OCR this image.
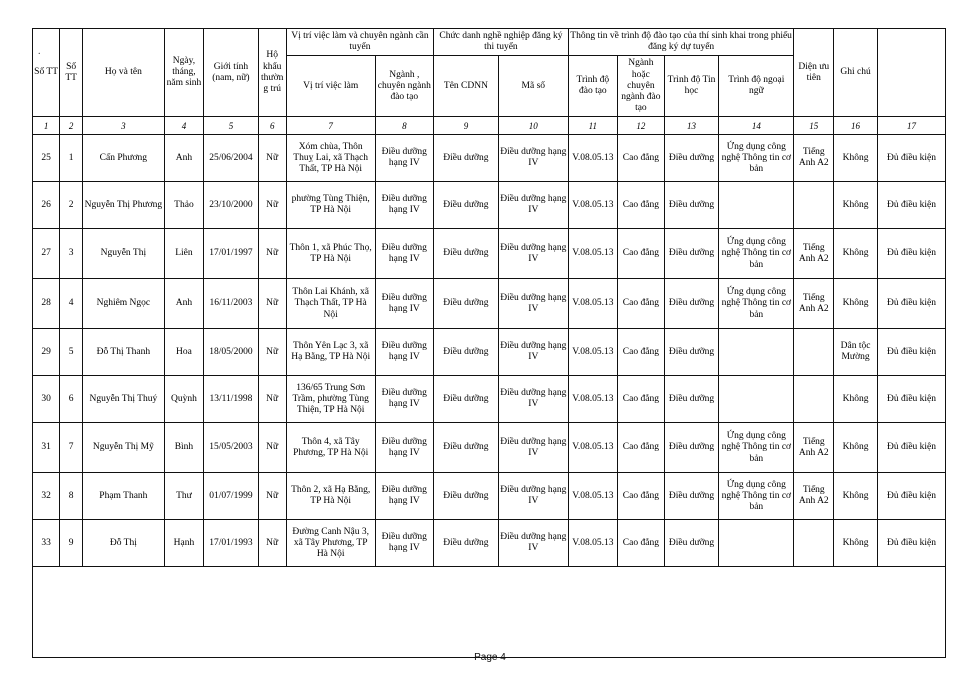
.
Số TT	Số TT	Họ và tên	Ngày, tháng, năm sinh	Giới tính (nam, nữ)	Hộ khẩu thường trú	Vị trí việc làm và chuyên ngành cần tuyển		Chức danh nghề nghiệp đăng ký thi tuyển		Thông tin về trình độ đào tạo của thí sinh khai trong phiếu đăng ký dự tuyển				Diện ưu tiên	Ghi chú	
						Vị trí việc làm	Ngành , chuyên ngành đào tạo	Tên CDNN	Mã số	Trình độ đào tạo	Ngành hoặc chuyên ngành đào tạo	Trình độ Tin học	Trình độ ngoại ngữ			

1	2	3	4	5	6	7	8	9	10	11	12	13	14	15	16	17
25	1	Cấn Phương	Anh	25/06/2004	Nữ	Xóm chùa, Thôn Thuỵ Lai, xã Thạch Thất, TP Hà Nội	Điều dưỡng hạng IV	Điều dưỡng	Điều dưỡng hạng IV	V.08.05.13	Cao đẳng	Điều dưỡng	Ứng dụng công nghệ Thông tin cơ bản	Tiếng Anh A2	Không	Đủ điều kiện
26	2	Nguyễn Thị Phương	Thảo	23/10/2000	Nữ	phường Tùng Thiện, TP Hà Nội	Điều dưỡng hạng IV	Điều dưỡng	Điều dưỡng hạng IV	V.08.05.13	Cao đẳng	Điều dưỡng			Không	Đủ điều kiện
27	3	Nguyễn Thị	Liên	17/01/1997	Nữ	Thôn 1, xã Phúc Thọ, TP Hà Nội	Điều dưỡng hạng IV	Điều dưỡng	Điều dưỡng hạng IV	V.08.05.13	Cao đẳng	Điều dưỡng	Ứng dụng công nghệ Thông tin cơ bản	Tiếng Anh A2	Không	Đủ điều kiện
28	4	Nghiêm Ngọc	Anh	16/11/2003	Nữ	Thôn Lai Khánh, xã Thạch Thất, TP Hà Nội	Điều dưỡng hạng IV	Điều dưỡng	Điều dưỡng hạng IV	V.08.05.13	Cao đẳng	Điều dưỡng	Ứng dụng công nghệ Thông tin cơ bản	Tiếng Anh A2	Không	Đủ điều kiện
29	5	Đỗ Thị Thanh	Hoa	18/05/2000	Nữ	Thôn Yên Lạc 3, xã Hạ Bằng, TP Hà Nội	Điều dưỡng hạng IV	Điều dưỡng	Điều dưỡng hạng IV	V.08.05.13	Cao đẳng	Điều dưỡng			Dân tộc Mường	Đủ điều kiện
30	6	Nguyễn Thị Thuý	Quỳnh	13/11/1998	Nữ	136/65 Trung Sơn Trầm, phường Tùng Thiện, TP Hà Nội	Điều dưỡng hạng IV	Điều dưỡng	Điều dưỡng hạng IV	V.08.05.13	Cao đẳng	Điều dưỡng			Không	Đủ điều kiện
31	7	Nguyễn Thị Mỹ	Bình	15/05/2003	Nữ	Thôn 4, xã Tây Phương, TP Hà Nội	Điều dưỡng hạng IV	Điều dưỡng	Điều dưỡng hạng IV	V.08.05.13	Cao đẳng	Điều dưỡng	Ứng dụng công nghệ Thông tin cơ bản	Tiếng Anh A2	Không	Đủ điều kiện
32	8	Phạm Thanh	Thư	01/07/1999	Nữ	Thôn 2, xã Hạ Bằng, TP Hà Nội	Điều dưỡng hạng IV	Điều dưỡng	Điều dưỡng hạng IV	V.08.05.13	Cao đẳng	Điều dưỡng	Ứng dụng công nghệ Thông tin cơ bản	Tiếng Anh A2	Không	Đủ điều kiện
33	9	Đỗ Thị	Hạnh	17/01/1993	Nữ	Đường Canh Nậu 3, xã Tây Phương, TP Hà Nội	Điều dưỡng hạng IV	Điều dưỡng	Điều dưỡng hạng IV	V.08.05.13	Cao đẳng	Điều dưỡng			Không	Đủ điều kiện
Page 4
